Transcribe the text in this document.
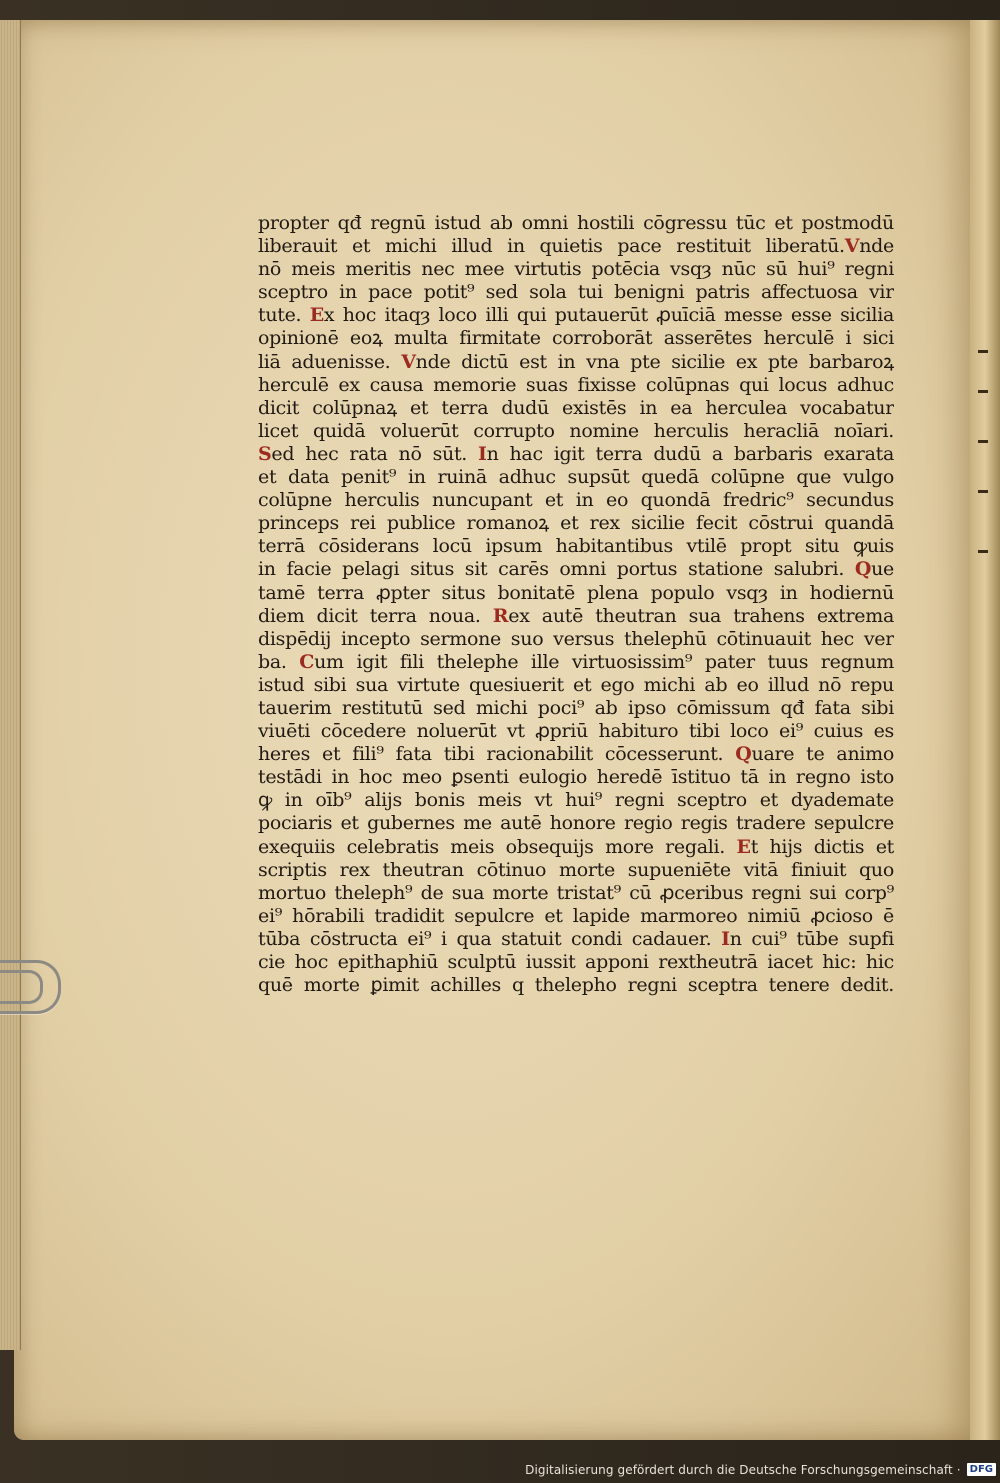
propter qđ regnū istud ab omni hostili cōgressu tūc et postmodū
liberauit et michi illud in quietis pace restituit liberatū.Vnde
nō meis meritis nec mee virtutis potēcia vsqȝ nūc sū hui⁹ regni
sceptro in pace potit⁹ sed sola tui benigni patris affectuosa vir
tute. Ex hoc itaqȝ loco illi qui putauerūt ꝓuīciā messe esse sicilia
opinionē eoꝝ multa firmitate corroborāt asserētes herculē i sici
liā aduenisse. Vnde dictū est in vna pte sicilie ex pte barbaroꝝ
herculē ex causa memorie suas fixisse colūpnas qui locus adhuc
dicit colūpnaꝝ et terra dudū existēs in ea herculea vocabatur
licet quidā voluerūt corrupto nomine herculis heracliā noīari.
Sed hec rata nō sūt. In hac igit terra dudū a barbaris exarata
et data penit⁹ in ruinā adhuc supsūt quedā colūpne que vulgo
colūpne herculis nuncupant et in eo quondā fredric⁹ secundus
princeps rei publice romanoꝝ et rex sicilie fecit cōstrui quandā
terrā cōsiderans locū ipsum habitantibus vtilē propt situ ꝙuis
in facie pelagi situs sit carēs omni portus statione salubri. Que
tamē terra ꝓpter situs bonitatē plena populo vsqȝ in hodiernū
diem dicit terra noua. Rex autē theutran sua trahens extrema
dispēdij incepto sermone suo versus thelephū cōtinuauit hec ver
ba. Cum igit fili thelephe ille virtuosissim⁹ pater tuus regnum
istud sibi sua virtute quesiuerit et ego michi ab eo illud nō repu
tauerim restitutū sed michi poci⁹ ab ipso cōmissum qđ fata sibi
viuēti cōcedere noluerūt vt ꝓpriū habituro tibi loco ei⁹ cuius es
heres et fili⁹ fata tibi racionabilit cōcesserunt. Quare te animo
testādi in hoc meo ꝑsenti eulogio heredē īstituo tā in regno isto
ꝙ in oīb⁹ alijs bonis meis vt hui⁹ regni sceptro et dyademate
pociaris et gubernes me autē honore regio regis tradere sepulcre
exequiis celebratis meis obsequijs more regali. Et hijs dictis et
scriptis rex theutran cōtinuo morte supueniēte vitā finiuit quo
mortuo theleph⁹ de sua morte tristat⁹ cū ꝓceribus regni sui corp⁹
ei⁹ hōrabili tradidit sepulcre et lapide marmoreo nimiū ꝓcioso ē
tūba cōstructa ei⁹ i qua statuit condi cadauer. In cui⁹ tūbe supfi
cie hoc epithaphiū sculptū iussit apponi rextheutrā iacet hic: hic
quē morte ꝑimit achilles q thelepho regni sceptra tenere dedit.
Digitalisierung gefördert durch die Deutsche Forschungsgemeinschaft · DFG
